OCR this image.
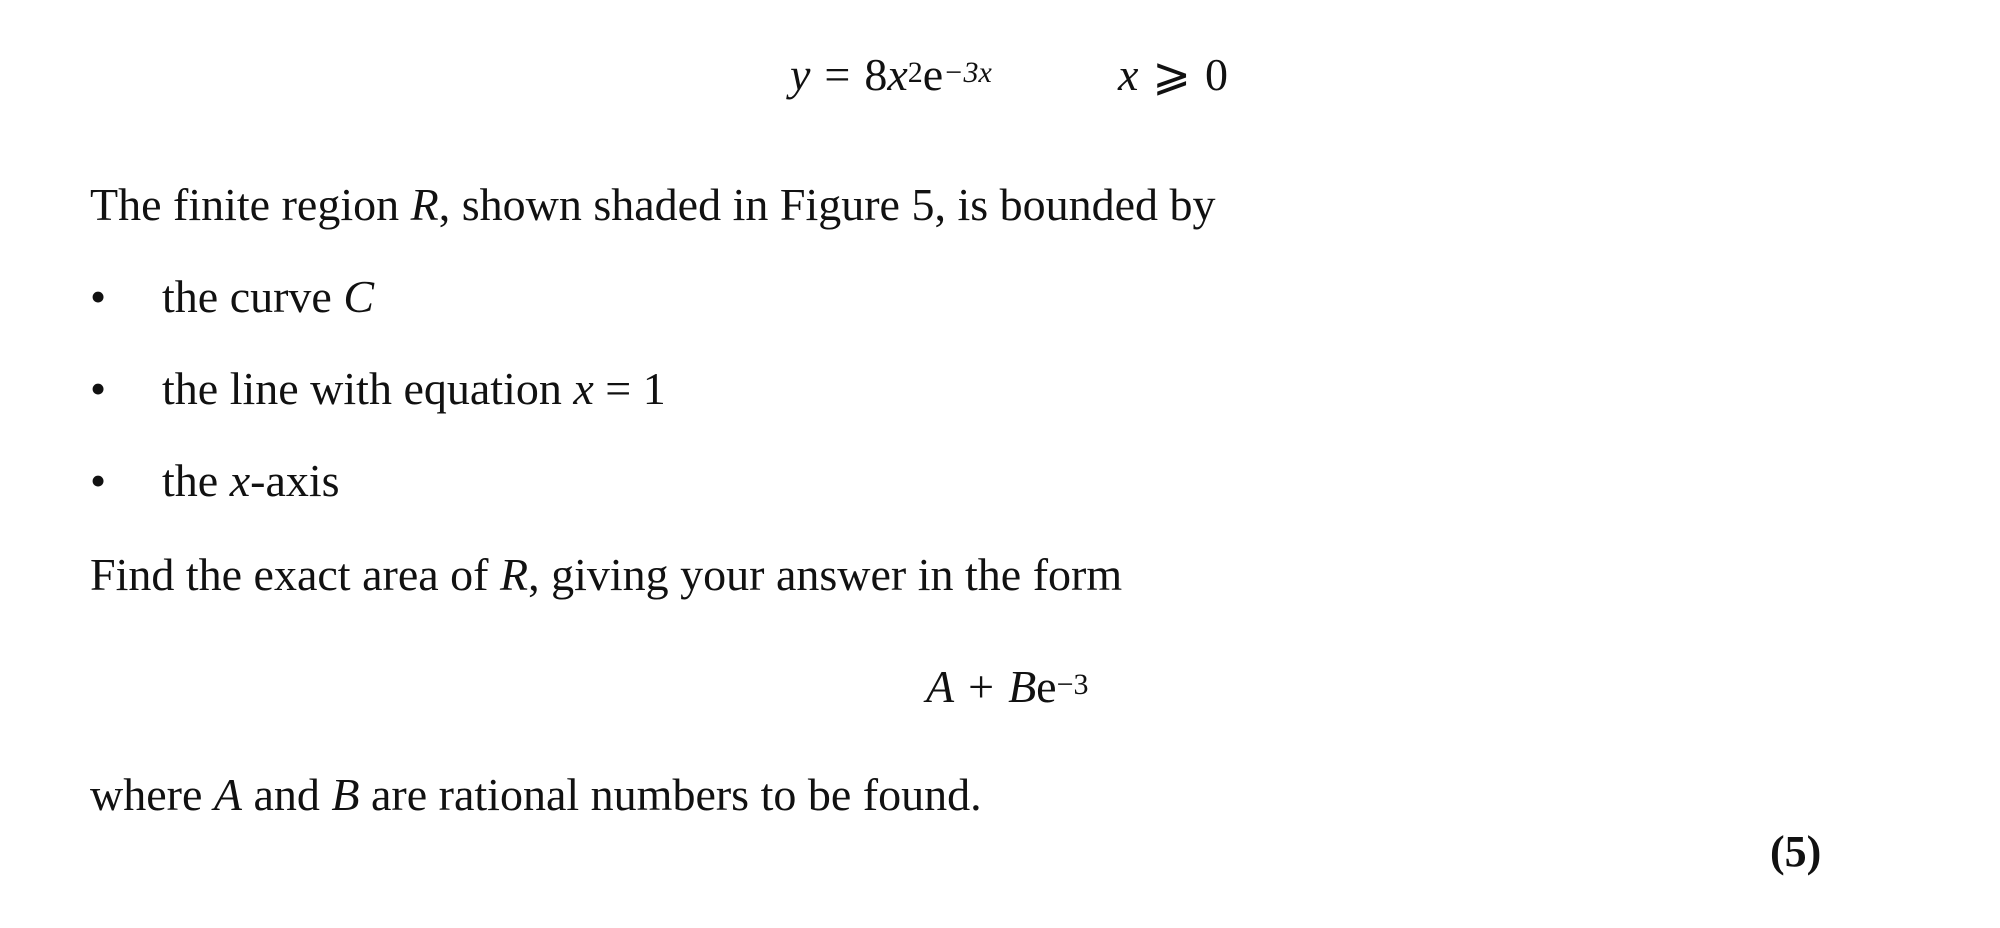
$y = 8x^2e^{-3x}$	x ⩾ 0
The finite region R, shown shaded in Figure 5, is bounded by
• the curve C
• the line with equation x = 1
• the x-axis
Find the exact area of R, giving your answer in the form
$A + Be^{-3}$
where A and B are rational numbers to be found.
(5)
